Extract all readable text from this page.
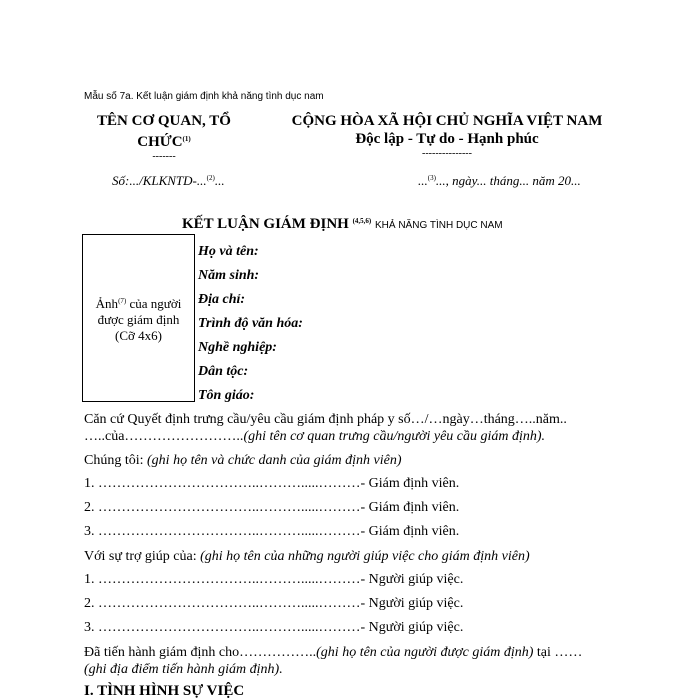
Mẫu số 7a. Kết luận giám định khả năng tình dục nam
TÊN CƠ QUAN, TỔ
CHỨC$^{(1)}$
-------
CỘNG HÒA XÃ HỘI CHỦ NGHĨA VIỆT NAM
Độc lập - Tự do - Hạnh phúc
---------------
Số:.../KLKNTD-...$^{(2)}$...	...$^{(3)}$..., ngày... tháng... năm 20...
KẾT LUẬN GIÁM ĐỊNH $^{(4,5,6)}$ KHẢ NĂNG TÌNH DỤC NAM
Ảnh$^{(7)}$ của người
được giám định
(Cỡ 4x6)
Họ và tên:
Năm sinh:
Địa chỉ:
Trình độ văn hóa:
Nghề nghiệp:
Dân tộc:
Tôn giáo:
Căn cứ Quyết định trưng cầu/yêu cầu giám định pháp y số…/…ngày…tháng…..năm.. …..của……………………..(ghi tên cơ quan trưng cầu/người yêu cầu giám định).
Chúng tôi: (ghi họ tên và chức danh của giám định viên)
1. ……………………………..……….....………- Giám định viên.
2. ……………………………..……….....………- Giám định viên.
3. ……………………………..……….....………- Giám định viên.
Với sự trợ giúp của: (ghi họ tên của những người giúp việc cho giám định viên)
1. ……………………………..……….....………- Người giúp việc.
2. ……………………………..……….....………- Người giúp việc.
3. ……………………………..……….....………- Người giúp việc.
Đã tiến hành giám định cho……………..(ghi họ tên của người được giám định) tại …… (ghi địa điểm tiến hành giám định).
I. TÌNH HÌNH SỰ VIỆC
